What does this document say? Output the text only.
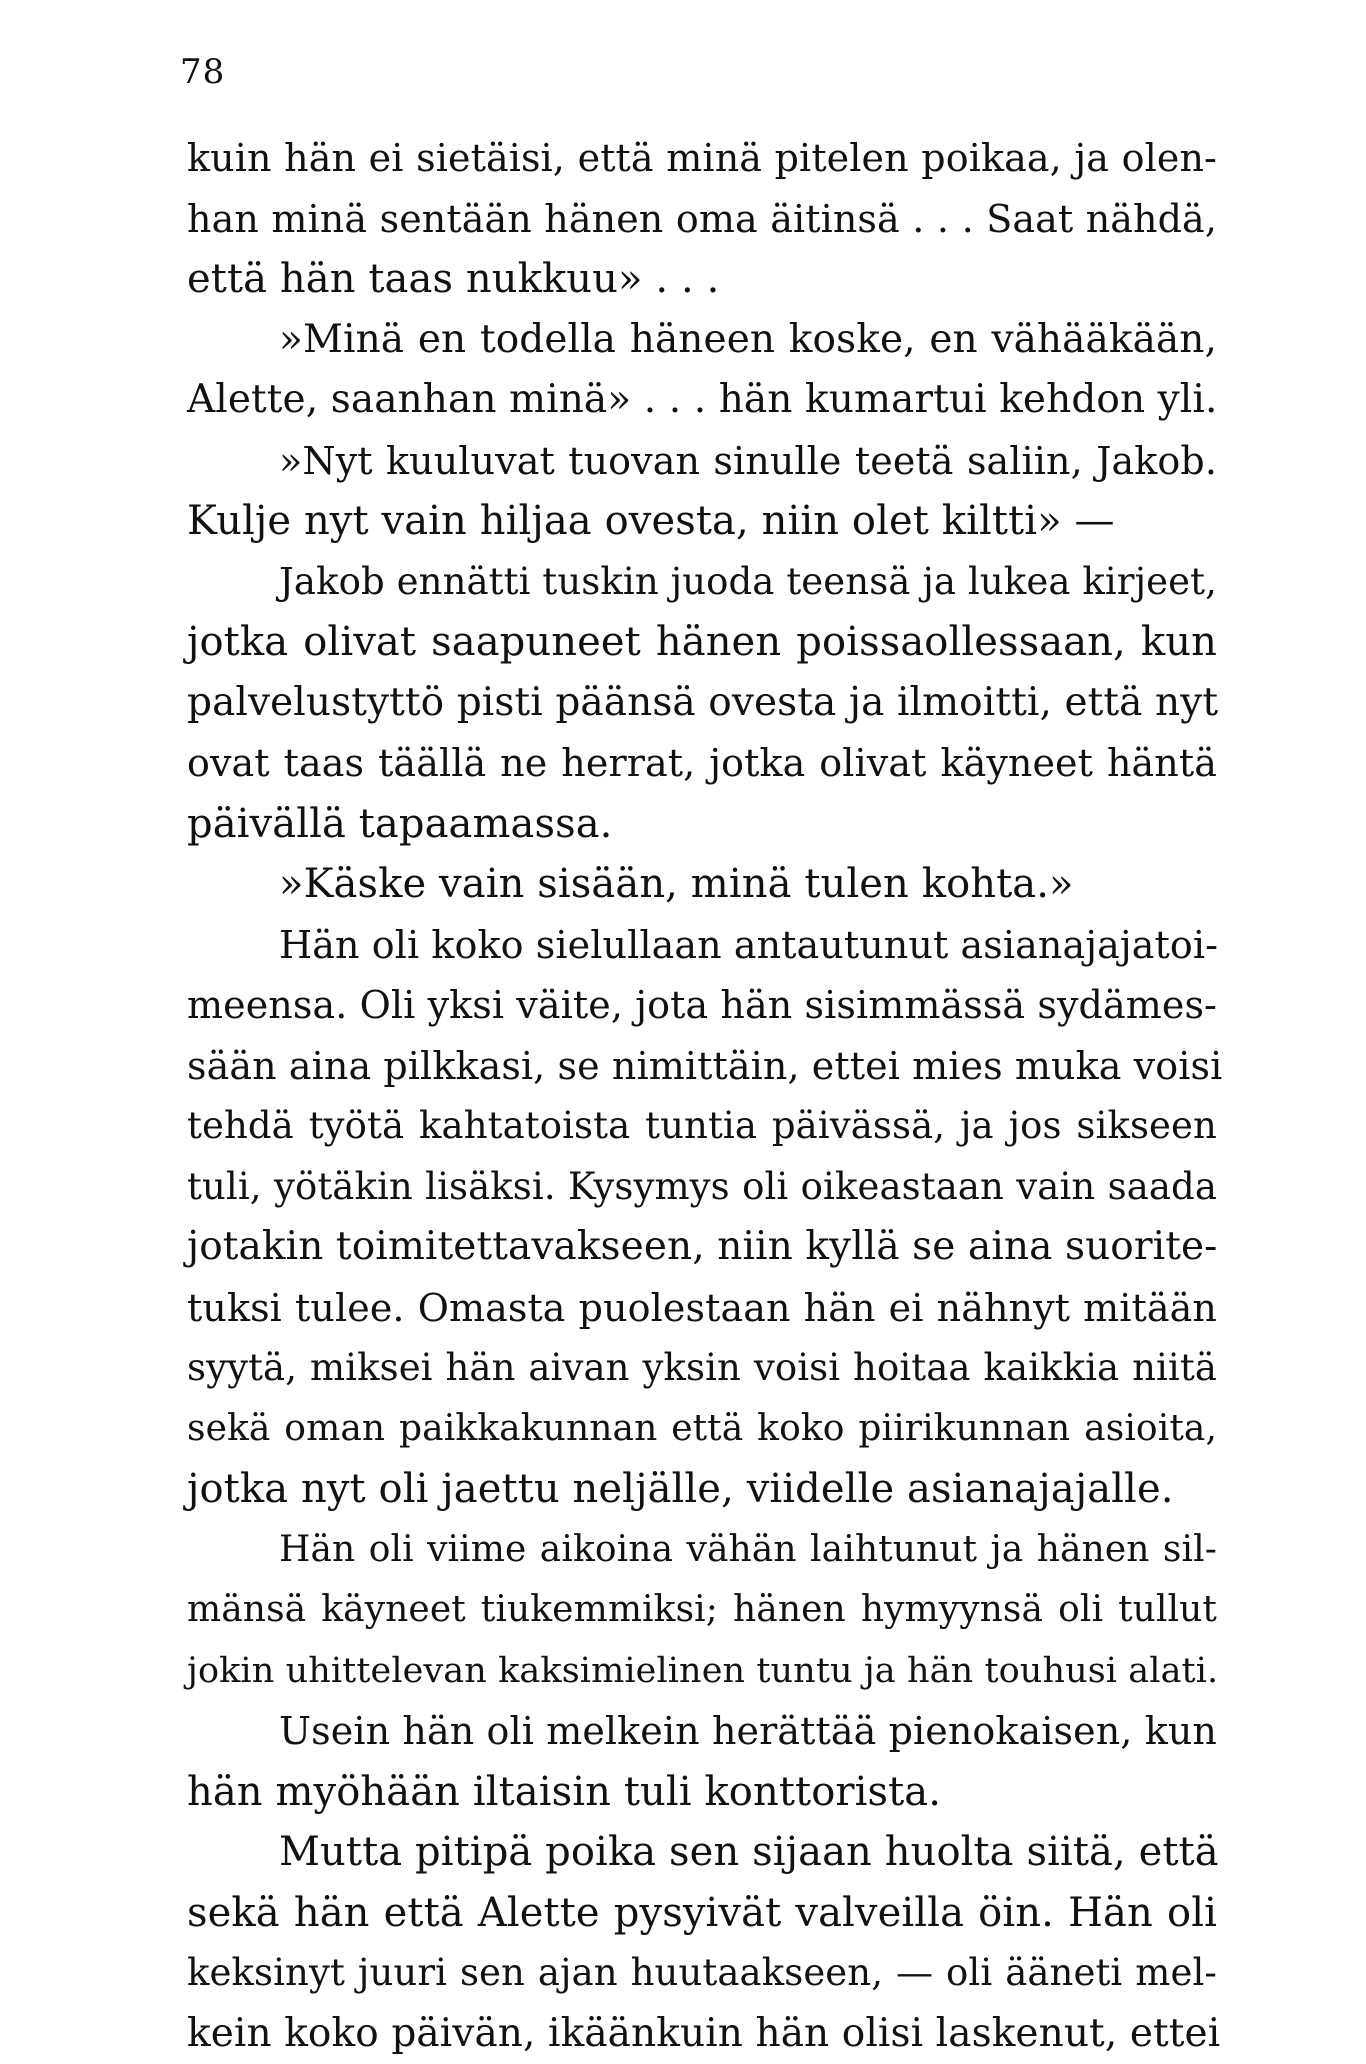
78
kuin hän ei sietäisi, että minä pitelen poikaa, ja olen-
han minä sentään hänen oma äitinsä . . . Saat nähdä,
että hän taas nukkuu» . . .
»Minä en todella häneen koske, en vähääkään,
Alette, saanhan minä» . . . hän kumartui kehdon yli.
»Nyt kuuluvat tuovan sinulle teetä saliin, Jakob.
Kulje nyt vain hiljaa ovesta, niin olet kiltti» —
Jakob ennätti tuskin juoda teensä ja lukea kirjeet,
jotka olivat saapuneet hänen poissaollessaan, kun
palvelustyttö pisti päänsä ovesta ja ilmoitti, että nyt
ovat taas täällä ne herrat, jotka olivat käyneet häntä
päivällä tapaamassa.
»Käske vain sisään, minä tulen kohta.»
Hän oli koko sielullaan antautunut asianajajatoi-
meensa. Oli yksi väite, jota hän sisimmässä sydämes-
sään aina pilkkasi, se nimittäin, ettei mies muka voisi
tehdä työtä kahtatoista tuntia päivässä, ja jos sikseen
tuli, yötäkin lisäksi. Kysymys oli oikeastaan vain saada
jotakin toimitettavakseen, niin kyllä se aina suorite-
tuksi tulee. Omasta puolestaan hän ei nähnyt mitään
syytä, miksei hän aivan yksin voisi hoitaa kaikkia niitä
sekä oman paikkakunnan että koko piirikunnan asioita,
jotka nyt oli jaettu neljälle, viidelle asianajajalle.
Hän oli viime aikoina vähän laihtunut ja hänen sil-
mänsä käyneet tiukemmiksi; hänen hymyynsä oli tullut
jokin uhittelevan kaksimielinen tuntu ja hän touhusi alati.
Usein hän oli melkein herättää pienokaisen, kun
hän myöhään iltaisin tuli konttorista.
Mutta pitipä poika sen sijaan huolta siitä, että
sekä hän että Alette pysyivät valveilla öin. Hän oli
keksinyt juuri sen ajan huutaakseen, — oli ääneti mel-
kein koko päivän, ikäänkuin hän olisi laskenut, ettei
